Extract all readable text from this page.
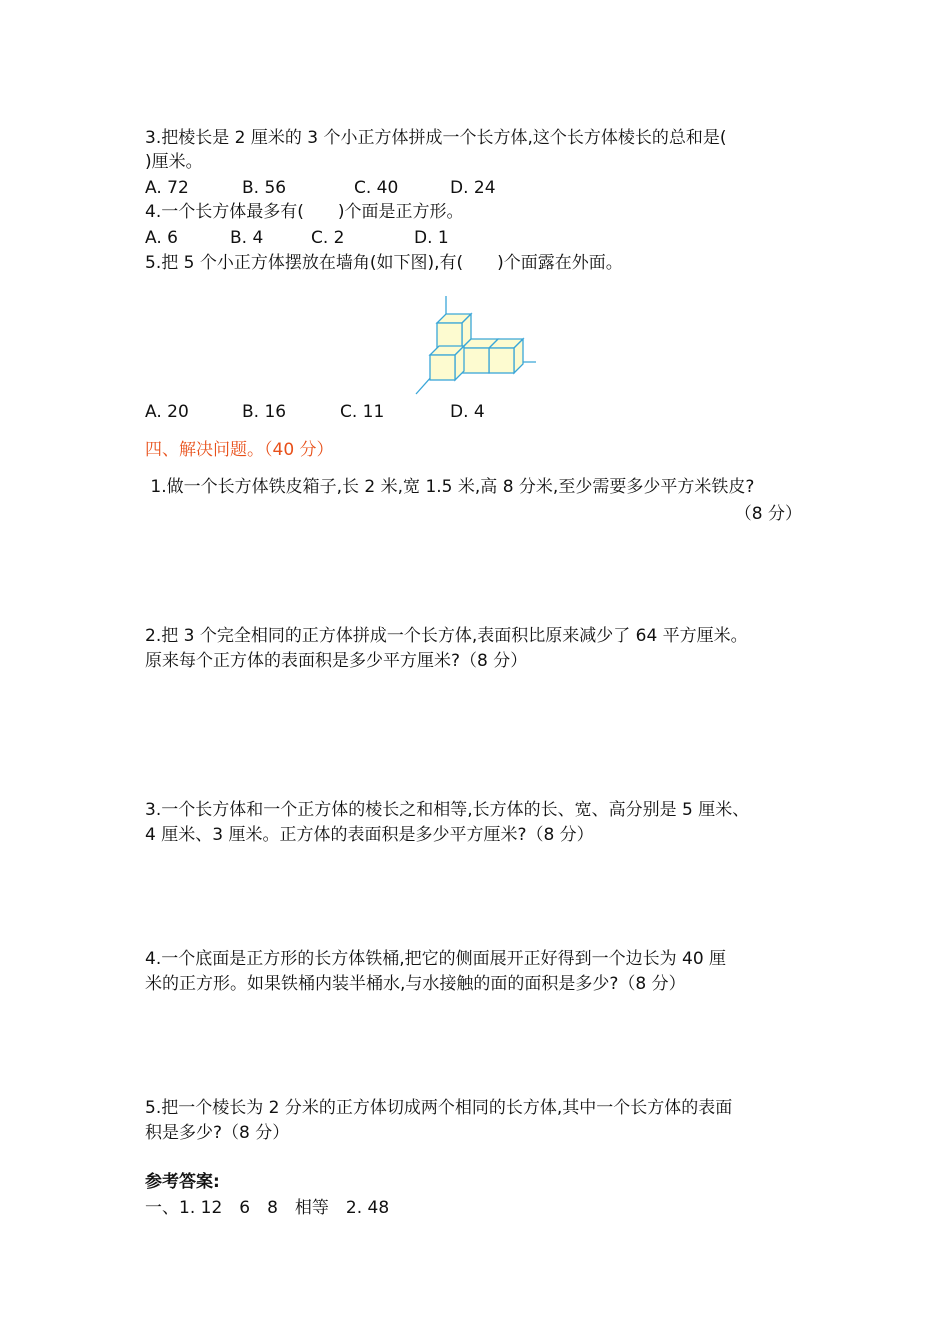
3.把棱长是 2 厘米的 3 个小正方体拼成一个长方体,这个长方体棱长的总和是(
)厘米。
A. 72	B. 56	C. 40	D. 24
4.一个长方体最多有(　　)个面是正方形。
A. 6	B. 4	C. 2	D. 1
5.把 5 个小正方体摆放在墙角(如下图),有(　　)个面露在外面。
A. 20	B. 16	C. 11	D. 4
四、解决问题。（40 分）
1.做一个长方体铁皮箱子,长 2 米,宽 1.5 米,高 8 分米,至少需要多少平方米铁皮?
（8 分）
2.把 3 个完全相同的正方体拼成一个长方体,表面积比原来减少了 64 平方厘米。
原来每个正方体的表面积是多少平方厘米?（8 分）
3.一个长方体和一个正方体的棱长之和相等,长方体的长、宽、高分别是 5 厘米、
4 厘米、3 厘米。正方体的表面积是多少平方厘米?（8 分）
4.一个底面是正方形的长方体铁桶,把它的侧面展开正好得到一个边长为 40 厘
米的正方形。如果铁桶内装半桶水,与水接触的面的面积是多少?（8 分）
5.把一个棱长为 2 分米的正方体切成两个相同的长方体,其中一个长方体的表面
积是多少?（8 分）
参考答案:
一、1. 12　6　8　相等　2. 48
